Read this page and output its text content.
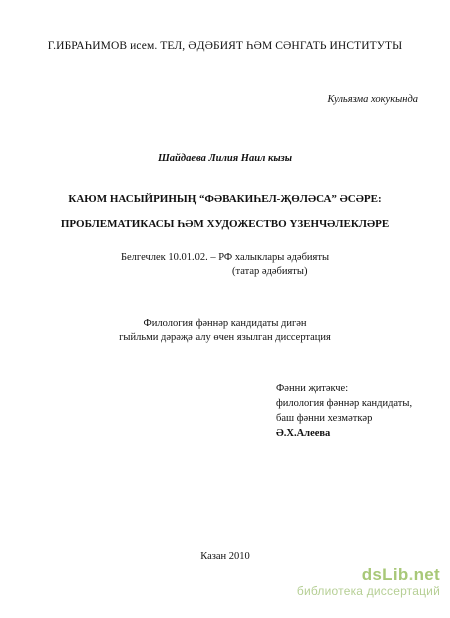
Г.ИБРАҺИМОВ исем. ТЕЛ, ӘДӘБИЯТ ҺӘМ СӘНГАТЬ ИНСТИТУТЫ
Кульязма хокукында
Шайдаева Лилия Наил кызы
КАЮМ НАСЫЙРИНЫҢ “ФӘВАКИҺЕЛ-ҖӨЛӘСА” ӘСӘРЕ:
ПРОБЛЕМАТИКАСЫ ҺӘМ ХУДОЖЕСТВО ҮЗЕНЧӘЛЕКЛӘРЕ
Белгечлек 10.01.02. – РФ халыклары әдәбияты
(татар әдәбияты)
Филология фәннәр кандидаты дигән
гыйльми дәрәҗә алу өчен язылган диссертация
Фәнни җитәкче:
филология фәннәр кандидаты,
баш фәнни хезмәткәр
Ә.Х.Алеева
Казан 2010
dsLib.net
библиотека диссертаций
